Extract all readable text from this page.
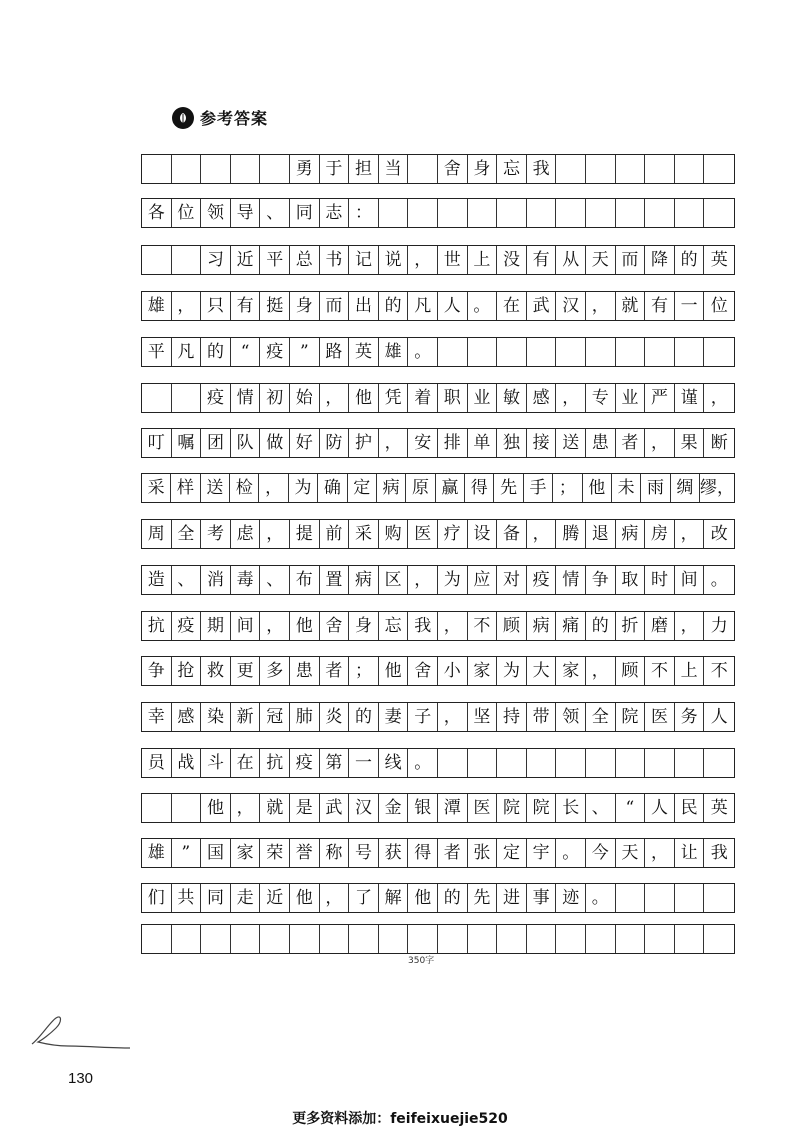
参考答案
勇 于 担 当	舍 身 忘 我
各 位 领 导 、 同 志 ：
习 近 平 总 书 记 说 ， 世 上 没 有 从 天 而 降 的 英
雄 ， 只 有 挺 身 而 出 的 凡 人 。 在 武 汉 ， 就 有 一 位
平 凡 的 “ 疫 ” 路 英 雄 。
疫 情 初 始 ， 他 凭 着 职 业 敏 感 ， 专 业 严 谨 ，
叮 嘱 团 队 做 好 防 护 ， 安 排 单 独 接 送 患 者 ， 果 断
采 样 送 检 ， 为 确 定 病 原 赢 得 先 手 ； 他 未 雨 绸 缪，
周 全 考 虑 ， 提 前 采 购 医 疗 设 备 ， 腾 退 病 房 ， 改
造 、 消 毒 、 布 置 病 区 ， 为 应 对 疫 情 争 取 时 间 。
抗 疫 期 间 ， 他 舍 身 忘 我 ， 不 顾 病 痛 的 折 磨 ， 力
争 抢 救 更 多 患 者 ； 他 舍 小 家 为 大 家 ， 顾 不 上 不
幸 感 染 新 冠 肺 炎 的 妻 子 ， 坚 持 带 领 全 院 医 务 人
员 战 斗 在 抗 疫 第 一 线 。
他 ， 就 是 武 汉 金 银 潭 医 院 院 长 、 “ 人 民 英
雄 ” 国 家 荣 誉 称 号 获 得 者 张 定 宇 。 今 天 ， 让 我
们 共 同 走 近 他 ， 了 解 他 的 先 进 事 迹 。
350字
130
更多资料添加：feifeixuejie520
